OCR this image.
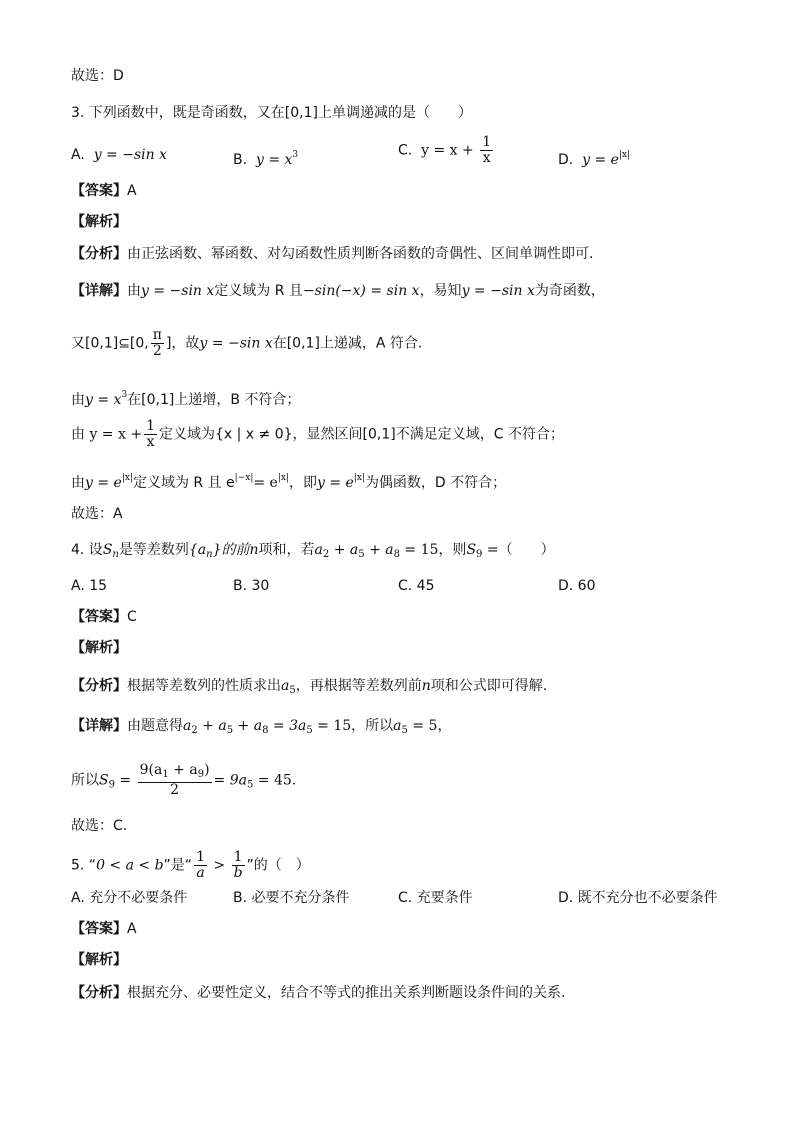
故选：D
3. 下列函数中，既是奇函数，又在[0,1]上单调递减的是（　　）
A. y = −sin x	B. $y = x^3$	C. $y = x + \frac{1}{x}$	D. $y = e^{|x|}$
【答案】A
【解析】
【分析】由正弦函数、幂函数、对勾函数性质判断各函数的奇偶性、区间单调性即可.
【详解】由y = −sin x定义域为 R 且−sin(−x) = sin x，易知y = −sin x为奇函数，
又[0,1]⊆[0, $\frac{\pi}{2}$ ]，故y = −sin x在[0,1]上递减，A 符合.
由$y = x^3$在[0,1]上递增，B 不符合；
由 $y = x + \frac{1}{x}$ 定义域为{x | x ≠ 0}，显然区间[0,1]不满足定义域，C 不符合；
由$y = e^{|x|}$定义域为 R 且 $e^{|-x|}= e^{|x|}$，即$y = e^{|x|}$为偶函数，D 不符合；
故选：A
4. 设$S_n$是等差数列$\{a_n\}$的前n项和，若$a_2 + a_5 + a_8 = 15$，则$S_9$ =（　　）
A. 15	B. 30	C. 45	D. 60
【答案】C
【解析】
【分析】根据等差数列的性质求出$a_5$，再根据等差数列前n项和公式即可得解.
【详解】由题意得$a_2 + a_5 + a_8 = 3a_5 = 15$，所以$a_5 = 5$，
所以$S_9 = \frac{9(a_1 + a_9)}{2} = 9a_5 = 45$.
故选：C.
5. “0 < a < b”是“ $\frac{1}{a} > \frac{1}{b}$ ”的（　）
A. 充分不必要条件	B. 必要不充分条件	C. 充要条件	D. 既不充分也不必要条件
【答案】A
【解析】
【分析】根据充分、必要性定义，结合不等式的推出关系判断题设条件间的关系.
